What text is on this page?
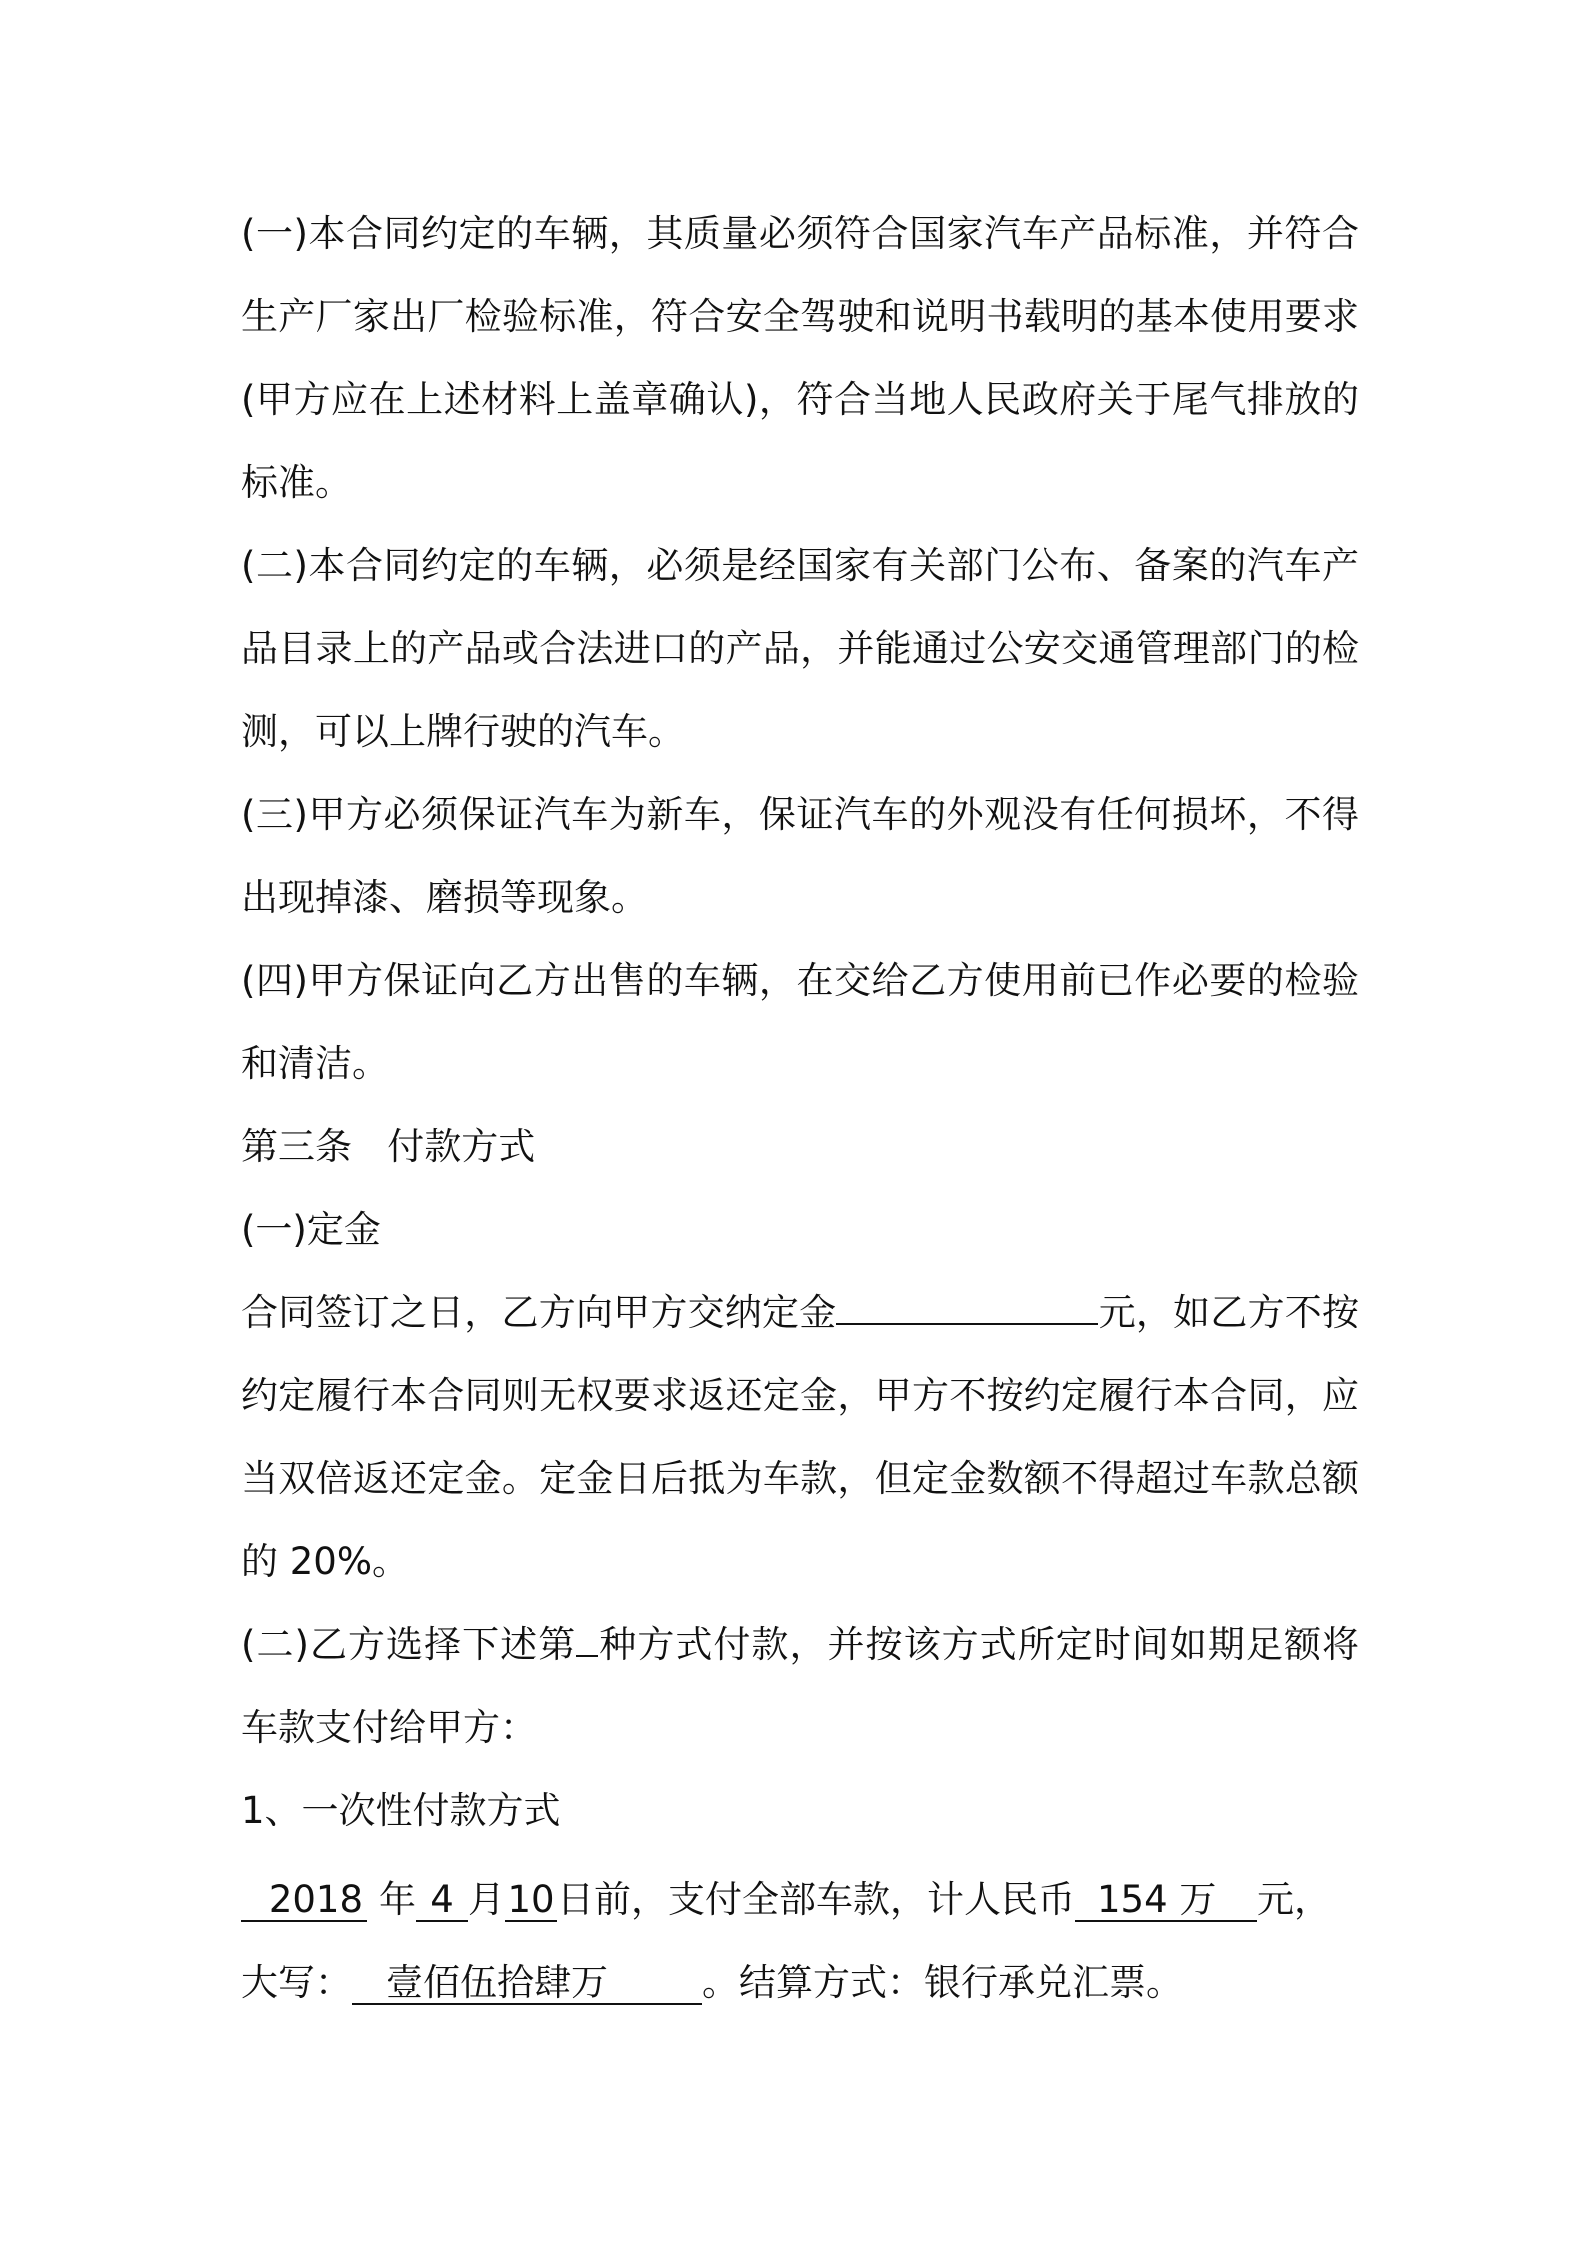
(一)本合同约定的车辆，其质量必须符合国家汽车产品标准，并符合生产厂家出厂检验标准，符合安全驾驶和说明书载明的基本使用要求(甲方应在上述材料上盖章确认)，符合当地人民政府关于尾气排放的标准。

(二)本合同约定的车辆，必须是经国家有关部门公布、备案的汽车产品目录上的产品或合法进口的产品，并能通过公安交通管理部门的检测，可以上牌行驶的汽车。

(三)甲方必须保证汽车为新车，保证汽车的外观没有任何损坏，不得出现掉漆、磨损等现象。

(四)甲方保证向乙方出售的车辆，在交给乙方使用前已作必要的检验和清洁。

第三条   付款方式

(一)定金

合同签订之日，乙方向甲方交纳定金	元，如乙方不按约定履行本合同则无权要求返还定金，甲方不按约定履行本合同，应当双倍返还定金。定金日后抵为车款，但定金数额不得超过车款总额的 20%。

(二)乙方选择下述第 种方式付款，并按该方式所定时间如期足额将车款支付给甲方：

1、一次性付款方式

2018 年 4 月10日前，支付全部车款，计人民币 154 万 元，

大写： 壹佰伍拾肆万	。结算方式：银行承兑汇票。
